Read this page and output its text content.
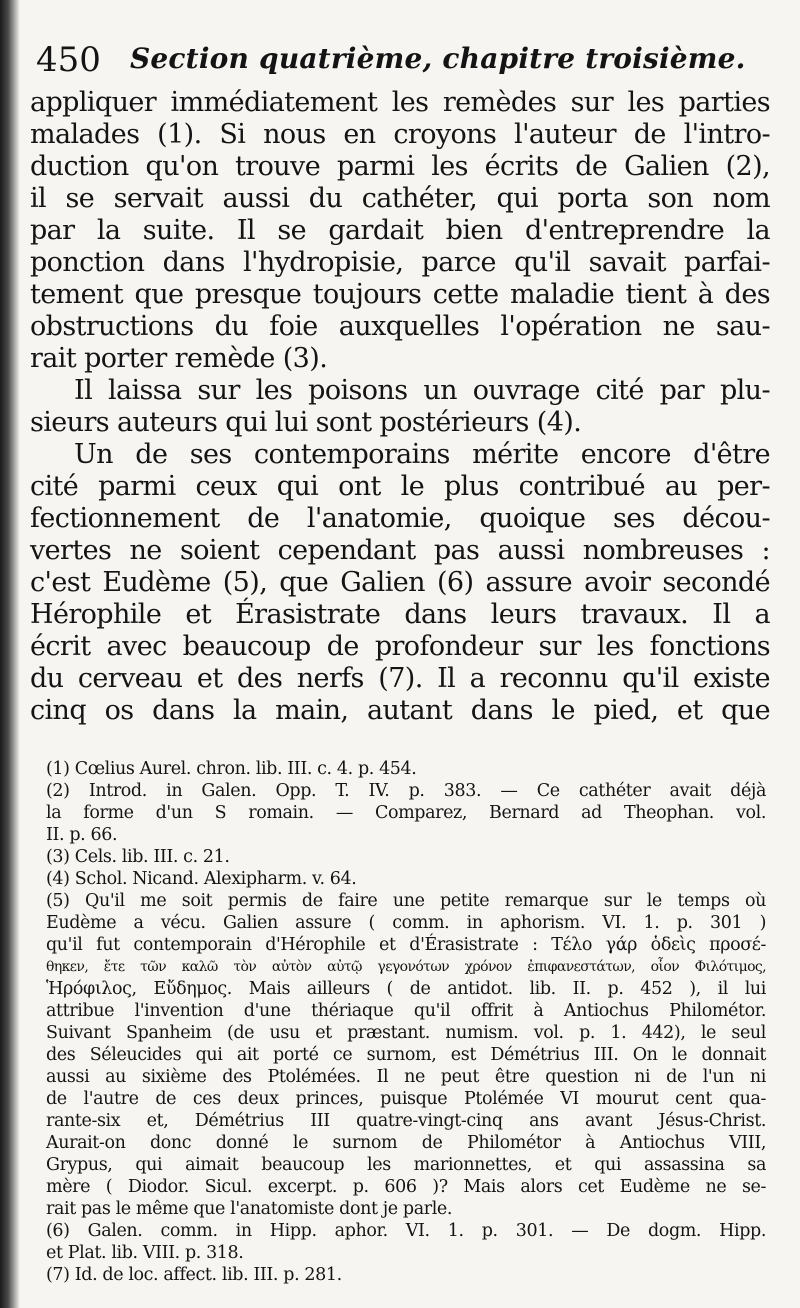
450 Section quatrième, chapitre troisième.
appliquer immédiatement les remèdes sur les parties
malades (1). Si nous en croyons l'auteur de l'intro-
duction qu'on trouve parmi les écrits de Galien (2),
il se servait aussi du cathéter, qui porta son nom
par la suite. Il se gardait bien d'entreprendre la
ponction dans l'hydropisie, parce qu'il savait parfai-
tement que presque toujours cette maladie tient à des
obstructions du foie auxquelles l'opération ne sau-
rait porter remède (3).
Il laissa sur les poisons un ouvrage cité par plu-
sieurs auteurs qui lui sont postérieurs (4).
Un de ses contemporains mérite encore d'être
cité parmi ceux qui ont le plus contribué au per-
fectionnement de l'anatomie, quoique ses décou-
vertes ne soient cependant pas aussi nombreuses :
c'est Eudème (5), que Galien (6) assure avoir secondé
Hérophile et Érasistrate dans leurs travaux. Il a
écrit avec beaucoup de profondeur sur les fonctions
du cerveau et des nerfs (7). Il a reconnu qu'il existe
cinq os dans la main, autant dans le pied, et que
(1) Cœlius Aurel. chron. lib. III. c. 4. p. 454.
(2) Introd. in Galen. Opp. T. IV. p. 383. — Ce cathéter avait déjà
la forme d'un S romain. — Comparez, Bernard ad Theophan. vol.
II. p. 66.
(3) Cels. lib. III. c. 21.
(4) Schol. Nicand. Alexipharm. v. 64.
(5) Qu'il me soit permis de faire une petite remarque sur le temps où
Eudème a vécu. Galien assure ( comm. in aphorism. VI. 1. p. 301 )
qu'il fut contemporain d'Hérophile et d'Érasistrate : Τέλο γάρ ὁδεὶς προσέ-
θηκεν, ἔτε τῶν καλῶ τὸν αὐτὸν αὐτῷ γεγονότων χρόνον ἐπιφανεστάτων, οἷον Φιλότιμος,
Ἡρόφιλος, Εὔδημος. Mais ailleurs ( de antidot. lib. II. p. 452 ), il lui
attribue l'invention d'une thériaque qu'il offrit à Antiochus Philométor.
Suivant Spanheim (de usu et præstant. numism. vol. p. 1. 442), le seul
des Séleucides qui ait porté ce surnom, est Démétrius III. On le donnait
aussi au sixième des Ptolémées. Il ne peut être question ni de l'un ni
de l'autre de ces deux princes, puisque Ptolémée VI mourut cent qua-
rante-six et, Démétrius III quatre-vingt-cinq ans avant Jésus-Christ.
Aurait-on donc donné le surnom de Philométor à Antiochus VIII,
Grypus, qui aimait beaucoup les marionnettes, et qui assassina sa
mère ( Diodor. Sicul. excerpt. p. 606 )? Mais alors cet Eudème ne se-
rait pas le même que l'anatomiste dont je parle.
(6) Galen. comm. in Hipp. aphor. VI. 1. p. 301. — De dogm. Hipp.
et Plat. lib. VIII. p. 318.
(7) Id. de loc. affect. lib. III. p. 281.
